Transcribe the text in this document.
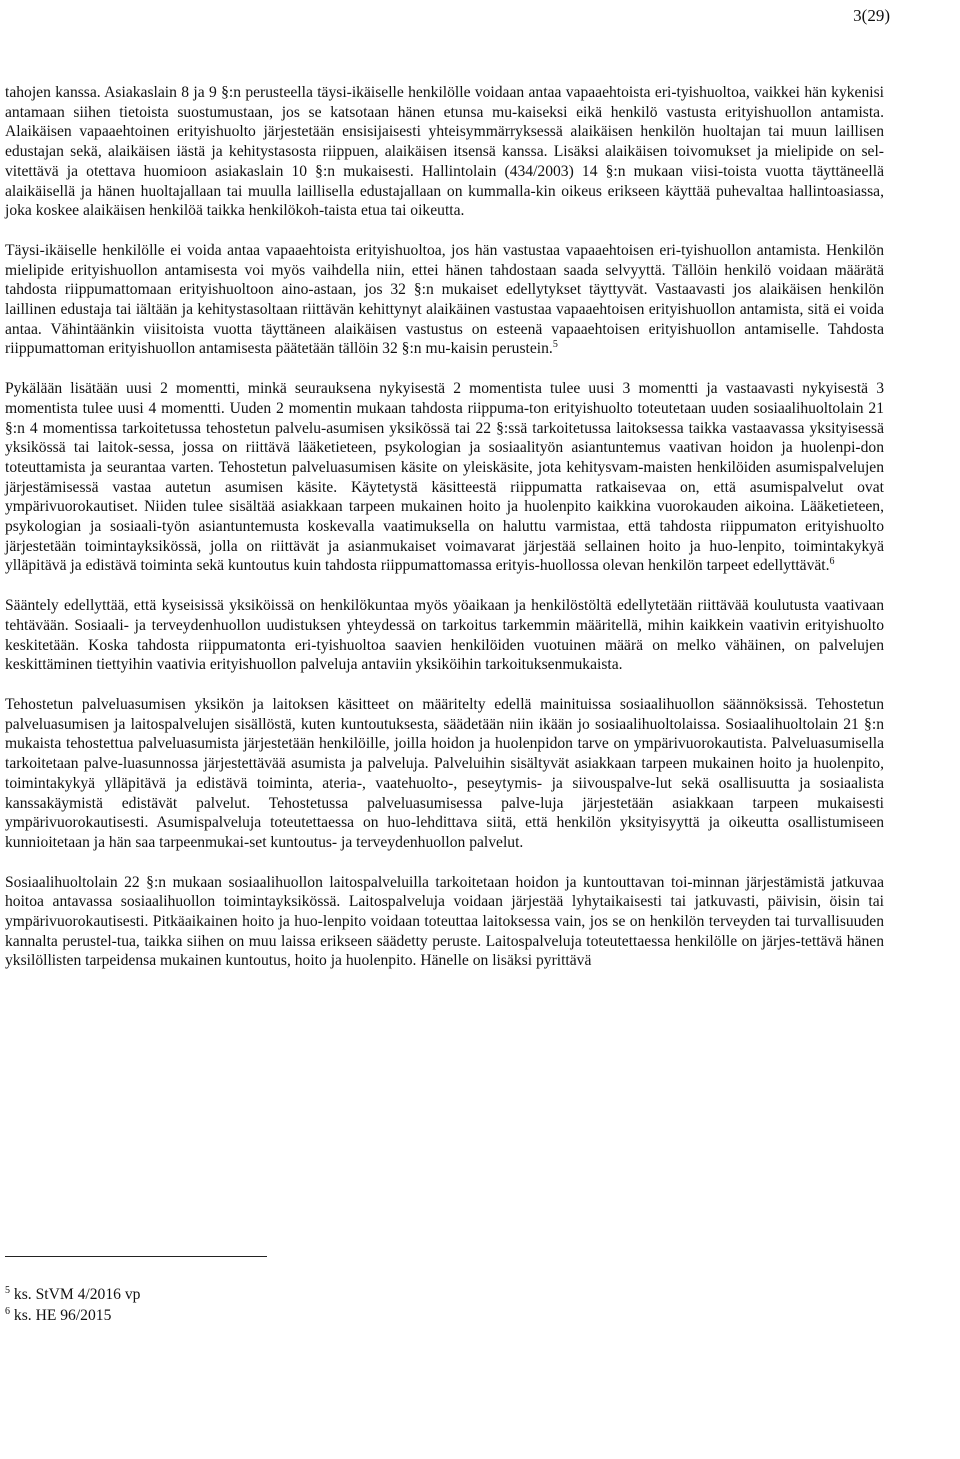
3(29)

tahojen kanssa. Asiakaslain 8 ja 9 §:n perusteella täysi-ikäiselle henkilölle voidaan antaa vapaaehtoista eri-tyishuoltoa, vaikkei hän kykenisi antamaan siihen tietoista suostumustaan, jos se katsotaan hänen etunsa mu-kaiseksi eikä henkilö vastusta erityishuollon antamista. Alaikäisen vapaaehtoinen erityishuolto järjestetään ensisijaisesti yhteisymmärryksessä alaikäisen henkilön huoltajan tai muun laillisen edustajan sekä, alaikäisen iästä ja kehitystasosta riippuen, alaikäisen itsensä kanssa. Lisäksi alaikäisen toivomukset ja mielipide on sel-vitettävä ja otettava huomioon asiakaslain 10 §:n mukaisesti. Hallintolain (434/2003) 14 §:n mukaan viisi-toista vuotta täyttäneellä alaikäisellä ja hänen huoltajallaan tai muulla laillisella edustajallaan on kummalla-kin oikeus erikseen käyttää puhevaltaa hallintoasiassa, joka koskee alaikäisen henkilöä taikka henkilökoh-taista etua tai oikeutta.

Täysi-ikäiselle henkilölle ei voida antaa vapaaehtoista erityishuoltoa, jos hän vastustaa vapaaehtoisen eri-tyishuollon antamista. Henkilön mielipide erityishuollon antamisesta voi myös vaihdella niin, ettei hänen tahdostaan saada selvyyttä. Tällöin henkilö voidaan määrätä tahdosta riippumattomaan erityishuoltoon aino-astaan, jos 32 §:n mukaiset edellytykset täyttyvät. Vastaavasti jos alaikäisen henkilön laillinen edustaja tai iältään ja kehitystasoltaan riittävän kehittynyt alaikäinen vastustaa vapaaehtoisen erityishuollon antamista, sitä ei voida antaa. Vähintäänkin viisitoista vuotta täyttäneen alaikäisen vastustus on esteenä vapaaehtoisen erityishuollon antamiselle. Tahdosta riippumattoman erityishuollon antamisesta päätetään tällöin 32 §:n mu-kaisin perustein.$^5$

Pykälään lisätään uusi 2 momentti, minkä seurauksena nykyisestä 2 momentista tulee uusi 3 momentti ja vastaavasti nykyisestä 3 momentista tulee uusi 4 momentti. Uuden 2 momentin mukaan tahdosta riippuma-ton erityishuolto toteutetaan uuden sosiaalihuoltolain 21 §:n 4 momentissa tarkoitetussa tehostetun palvelu-asumisen yksikössä tai 22 §:ssä tarkoitetussa laitoksessa taikka vastaavassa yksityisessä yksikössä tai laitok-sessa, jossa on riittävä lääketieteen, psykologian ja sosiaalityön asiantuntemus vaativan hoidon ja huolenpi-don toteuttamista ja seurantaa varten. Tehostetun palveluasumisen käsite on yleiskäsite, jota kehitysvam-maisten henkilöiden asumispalvelujen järjestämisessä vastaa autetun asumisen käsite. Käytetystä käsitteestä riippumatta ratkaisevaa on, että asumispalvelut ovat ympärivuorokautiset. Niiden tulee sisältää asiakkaan tarpeen mukainen hoito ja huolenpito kaikkina vuorokauden aikoina. Lääketieteen, psykologian ja sosiaali-työn asiantuntemusta koskevalla vaatimuksella on haluttu varmistaa, että tahdosta riippumaton erityishuolto järjestetään toimintayksikössä, jolla on riittävät ja asianmukaiset voimavarat järjestää sellainen hoito ja huo-lenpito, toimintakykyä ylläpitävä ja edistävä toiminta sekä kuntoutus kuin tahdosta riippumattomassa erityis-huollossa olevan henkilön tarpeet edellyttävät.$^6$

Sääntely edellyttää, että kyseisissä yksiköissä on henkilökuntaa myös yöaikaan ja henkilöstöltä edellytetään riittävää koulutusta vaativaan tehtävään. Sosiaali- ja terveydenhuollon uudistuksen yhteydessä on tarkoitus tarkemmin määritellä, mihin kaikkein vaativin erityishuolto keskitetään. Koska tahdosta riippumatonta eri-tyishuoltoa saavien henkilöiden vuotuinen määrä on melko vähäinen, on palvelujen keskittäminen tiettyihin vaativia erityishuollon palveluja antaviin yksiköihin tarkoituksenmukaista.

Tehostetun palveluasumisen yksikön ja laitoksen käsitteet on määritelty edellä mainituissa sosiaalihuollon säännöksissä. Tehostetun palveluasumisen ja laitospalvelujen sisällöstä, kuten kuntoutuksesta, säädetään niin ikään jo sosiaalihuoltolaissa. Sosiaalihuoltolain 21 §:n mukaista tehostettua palveluasumista järjestetään henkilöille, joilla hoidon ja huolenpidon tarve on ympärivuorokautista. Palveluasumisella tarkoitetaan palve-luasunnossa järjestettävää asumista ja palveluja. Palveluihin sisältyvät asiakkaan tarpeen mukainen hoito ja huolenpito, toimintakykyä ylläpitävä ja edistävä toiminta, ateria-, vaatehuolto-, peseytymis- ja siivouspalve-lut sekä osallisuutta ja sosiaalista kanssakäymistä edistävät palvelut. Tehostetussa palveluasumisessa palve-luja järjestetään asiakkaan tarpeen mukaisesti ympärivuorokautisesti. Asumispalveluja toteutettaessa on huo-lehdittava siitä, että henkilön yksityisyyttä ja oikeutta osallistumiseen kunnioitetaan ja hän saa tarpeenmukai-set kuntoutus- ja terveydenhuollon palvelut.

Sosiaalihuoltolain 22 §:n mukaan sosiaalihuollon laitospalveluilla tarkoitetaan hoidon ja kuntouttavan toi-minnan järjestämistä jatkuvaa hoitoa antavassa sosiaalihuollon toimintayksikössä. Laitospalveluja voidaan järjestää lyhytaikaisesti tai jatkuvasti, päivisin, öisin tai ympärivuorokautisesti. Pitkäaikainen hoito ja huo-lenpito voidaan toteuttaa laitoksessa vain, jos se on henkilön terveyden tai turvallisuuden kannalta perustel-tua, taikka siihen on muu laissa erikseen säädetty peruste. Laitospalveluja toteutettaessa henkilölle on järjes-tettävä hänen yksilöllisten tarpeidensa mukainen kuntoutus, hoito ja huolenpito. Hänelle on lisäksi pyrittävä

$^5$ ks. StVM 4/2016 vp

$^6$ ks. HE 96/2015
